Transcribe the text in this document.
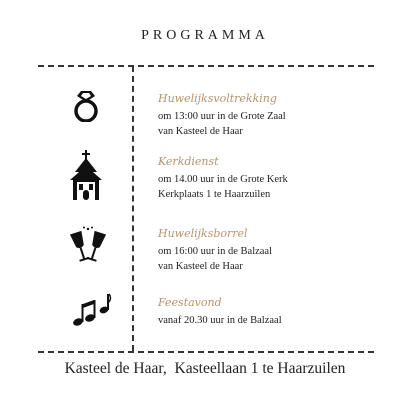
PROGRAMMA
Huwelijksvoltrekking
om 13:00 uur in de Grote Zaal
van Kasteel de Haar
Kerkdienst
om 14.00 uur in de Grote Kerk
Kerkplaats 1 te Haarzuilen
Huwelijksborrel
om 16:00 uur in de Balzaal
van Kasteel de Haar
Feestavond
vanaf 20.30 uur in de Balzaal
Kasteel de Haar,  Kasteellaan 1 te Haarzuilen
